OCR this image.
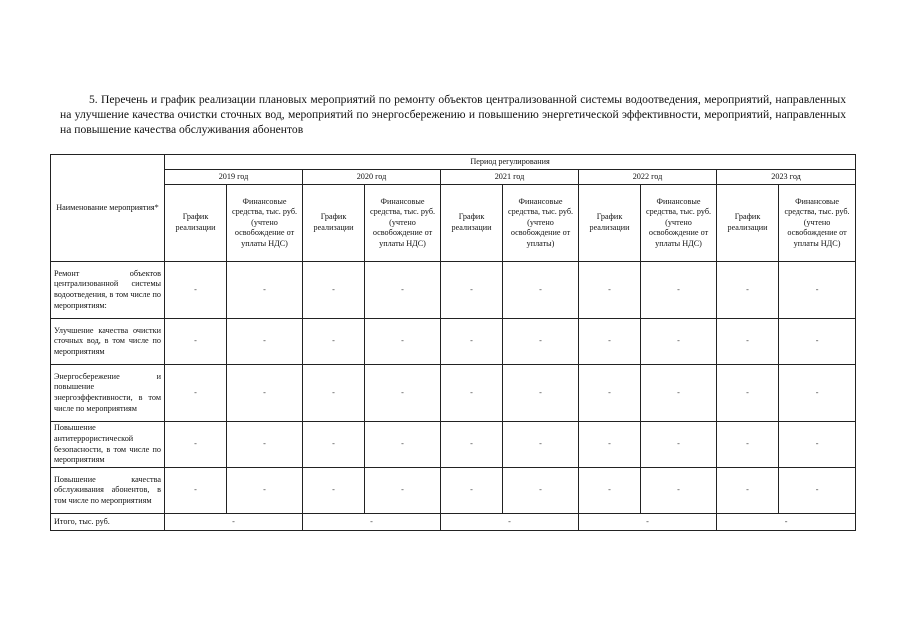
5. Перечень и график реализации плановых мероприятий по ремонту объектов централизованной системы водоотведения, мероприятий, направленных на улучшение качества очистки сточных вод, мероприятий по энергосбережению и повышению энергетической эффективности, мероприятий, направленных на повышение качества обслуживания абонентов
Наименование мероприятия*	Период регулирования									
	2019 год		2020 год		2021 год		2022 год		2023 год	
	График реализации	Финансовые средства, тыс. руб. (учтено освобождение от уплаты НДС)	График реализации	Финансовые средства, тыс. руб. (учтено освобождение от уплаты НДС)	График реализации	Финансовые средства, тыс. руб. (учтено освобождение от уплаты)	График реализации	Финансовые средства, тыс. руб. (учтено освобождение от уплаты НДС)	График реализации	Финансовые средства, тыс. руб. (учтено освобождение от уплаты НДС)
Ремонт объектов централизованной системы водоотведения, в том числе по мероприятиям:	-	-	-	-	-	-	-	-	-	-
Улучшение качества очистки сточных вод, в том числе по мероприятиям	-	-	-	-	-	-	-	-	-	-
Энергосбережение и повышение энергоэффективности, в том числе по мероприятиям	-	-	-	-	-	-	-	-	-	-
Повышение антитеррористической безопасности, в том числе по мероприятиям	-	-	-	-	-	-	-	-	-	-
Повышение качества обслуживания абонентов, в том числе по мероприятиям	-	-	-	-	-	-	-	-	-	-
Итого, тыс. руб.	-		-		-		-		-	
